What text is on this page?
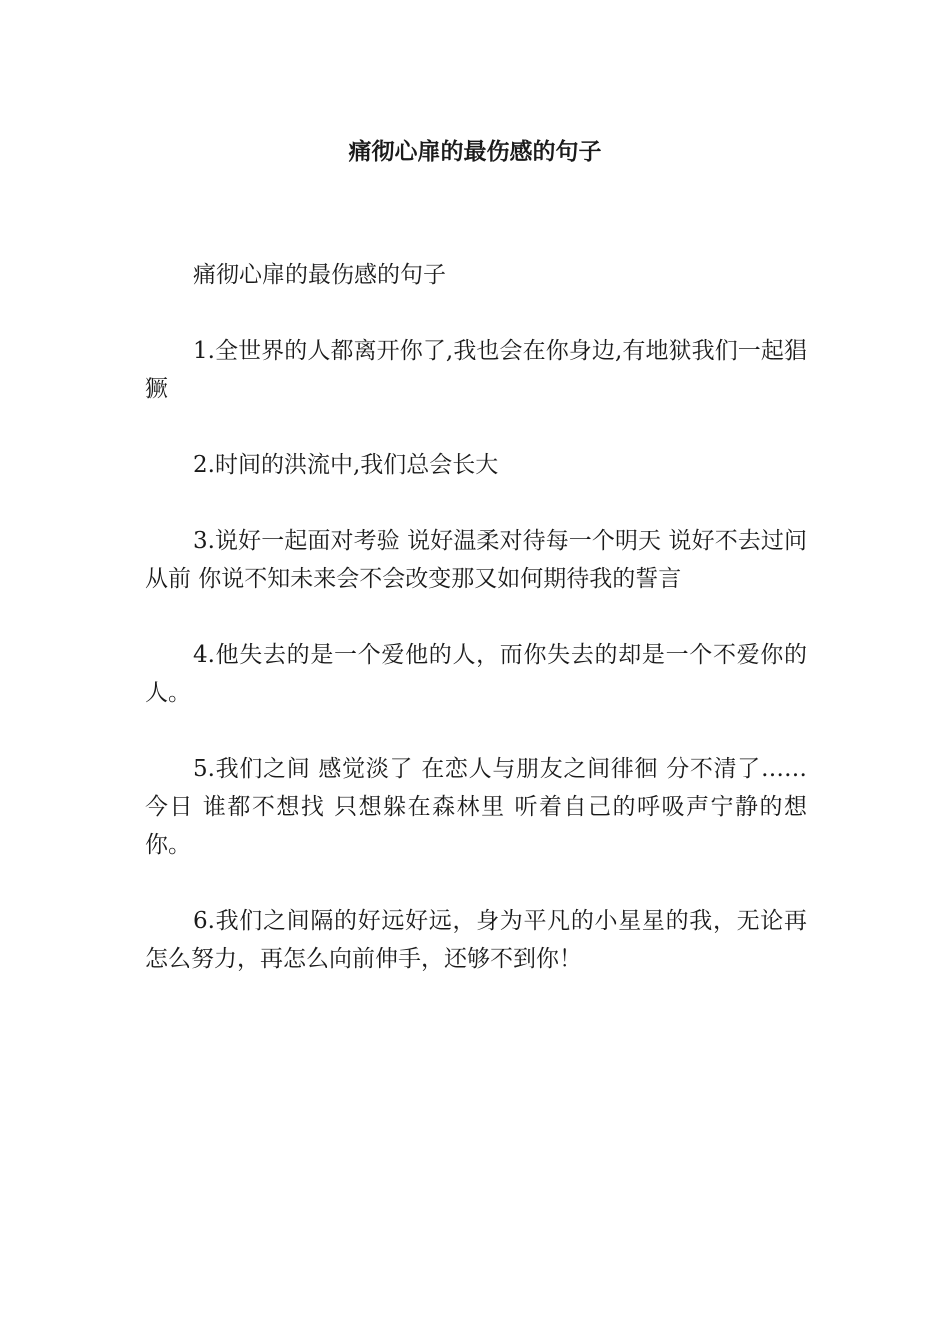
痛彻心扉的最伤感的句子

痛彻心扉的最伤感的句子

1.全世界的人都离开你了,我也会在你身边,有地狱我们一起猖獗

2.时间的洪流中,我们总会长大

3.说好一起面对考验 说好温柔对待每一个明天 说好不去过问从前 你说不知未来会不会改变那又如何期待我的誓言

4.他失去的是一个爱他的人，而你失去的却是一个不爱你的人。

5.我们之间 感觉淡了 在恋人与朋友之间徘徊 分不清了……今日 谁都不想找 只想躲在森林里 听着自己的呼吸声宁静的想你。

6.我们之间隔的好远好远，身为平凡的小星星的我，无论再怎么努力，再怎么向前伸手，还够不到你！
